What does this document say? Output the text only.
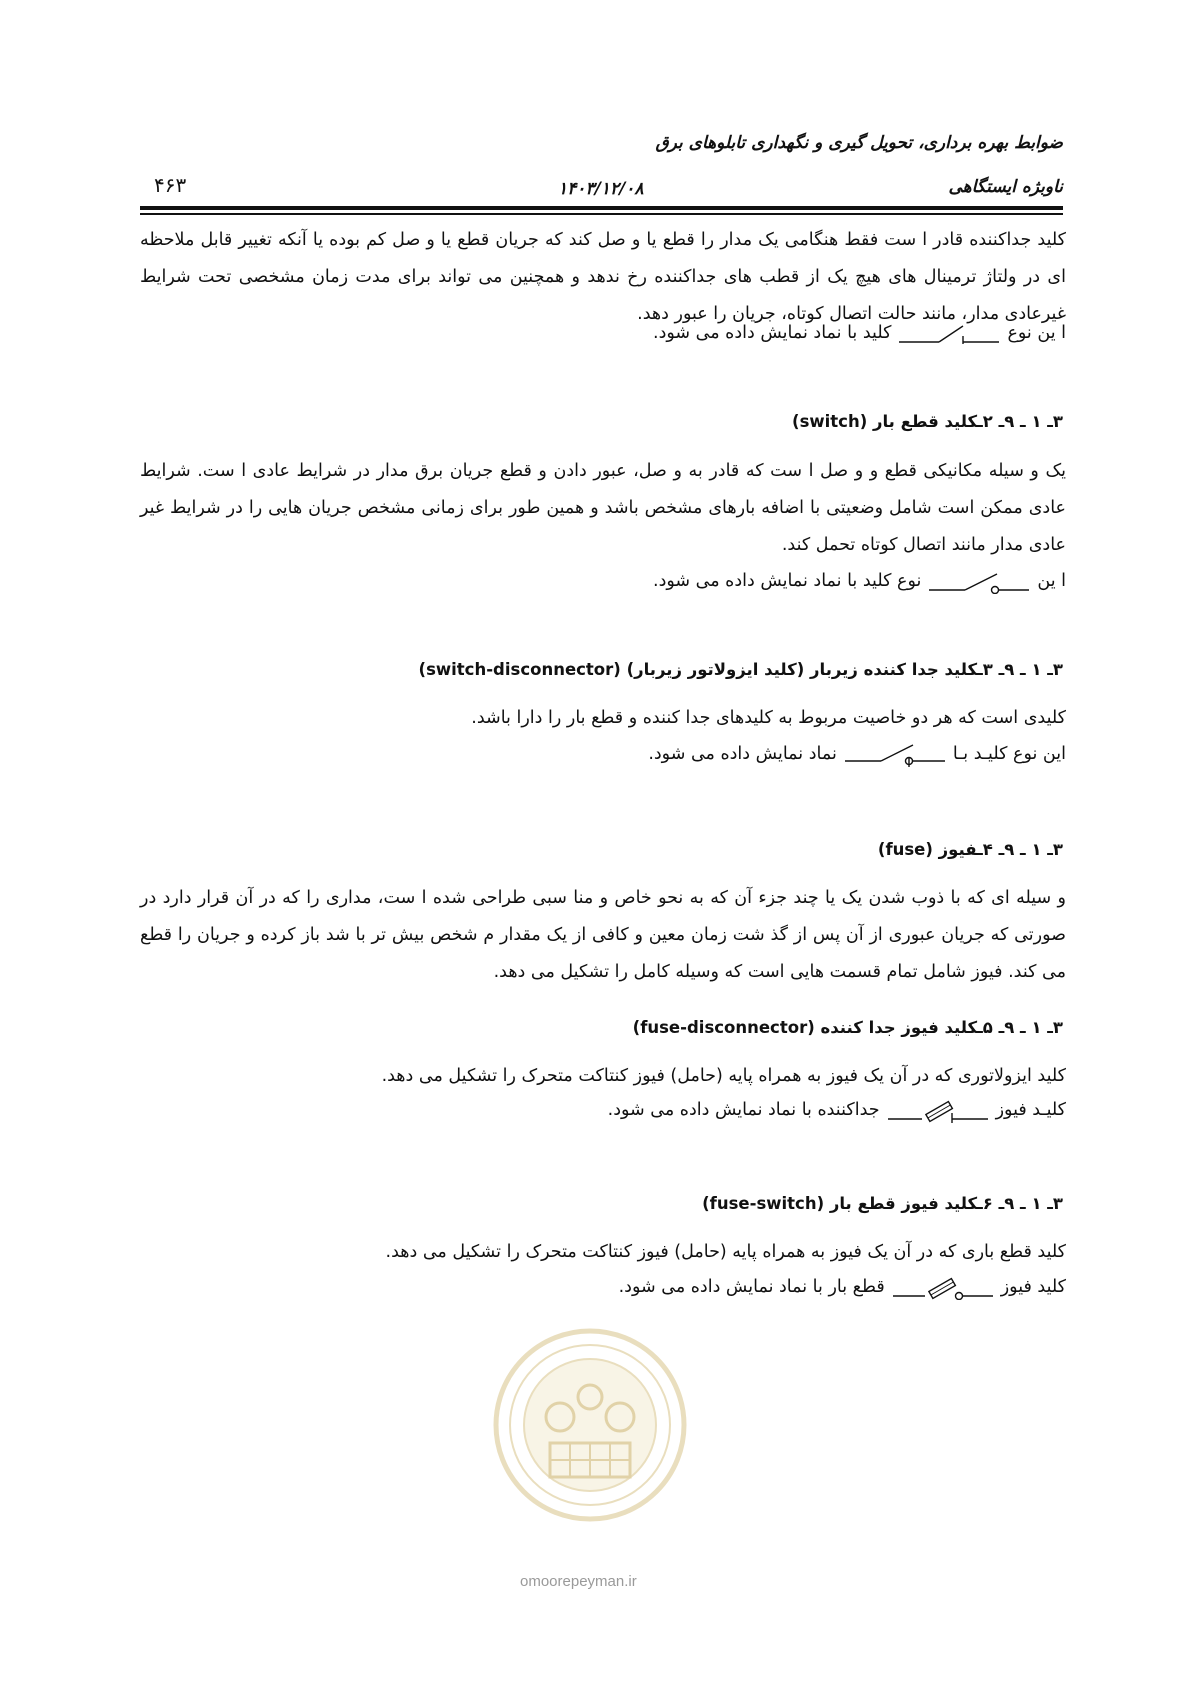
ضوابط بهره برداری، تحویل گیری و نگهداری تابلوهای برق
ناوبژه ایستگاهی
۱۴۰۳/۱۲/۰۸
۴۶۳
کلید جداکننده قادر ا ست فقط هنگامی یک مدار را قطع یا و صل کند که جریان قطع یا و صل کم بوده یا آنکه تغییر قابل ملاحظه ای در ولتاژ ترمینال های هیچ یک از قطب های جداکننده رخ ندهد و همچنین می تواند برای مدت زمان مشخصی تحت شرایط غیرعادی مدار، مانند حالت اتصال کوتاه، جریان را عبور دهد.
ا ین نوع
کلید با نماد نمایش داده می شود.
۳ـ ۱ ـ ۹ـ ۲ـکلید قطع بار (switch)
یک و سیله مکانیکی قطع و و صل ا ست که قادر به و صل، عبور دادن و قطع جریان برق مدار در شرایط عادی ا ست. شرایط عادی ممکن است شامل وضعیتی با اضافه بارهای مشخص باشد و همین طور برای زمانی مشخص جریان هایی را در شرایط غیر عادی مدار مانند اتصال کوتاه تحمل کند.
ا ین
نوع کلید با نماد نمایش داده می شود.
۳ـ ۱ ـ ۹ـ ۳ـکلید جدا کننده زیربار (کلید ایزولاتور زیربار) (switch-disconnector)
کلیدی است که هر دو خاصیت مربوط به کلیدهای جدا کننده و قطع بار را دارا باشد.
این نوع کلیـد بـا
نماد نمایش داده می شود.
۳ـ ۱ ـ ۹ـ ۴ـفیوز (fuse)
و سیله ای که با ذوب شدن یک یا چند جزء آن که به نحو خاص و منا سبی طراحی شده ا ست، مداری را که در آن قرار دارد در صورتی که جریان عبوری از آن پس از گذ شت زمان معین و کافی از یک مقدار م شخص بیش تر با شد باز کرده و جریان را قطع می کند. فیوز شامل تمام قسمت هایی است که وسیله کامل را تشکیل می دهد.
۳ـ ۱ ـ ۹ـ ۵ـکلید فیوز جدا کننده (fuse-disconnector)
کلید ایزولاتوری که در آن یک فیوز به همراه پایه (حامل) فیوز کنتاکت متحرک را تشکیل می دهد.
کلیـد فیوز
جداکننده با نماد نمایش داده می شود.
۳ـ ۱ ـ ۹ـ ۶ـکلید فیوز قطع بار (fuse-switch)
کلید قطع باری که در آن یک فیوز به همراه پایه (حامل) فیوز کنتاکت متحرک را تشکیل می دهد.
کلید فیوز
قطع بار با نماد نمایش داده می شود.
omoorepeyman.ir
